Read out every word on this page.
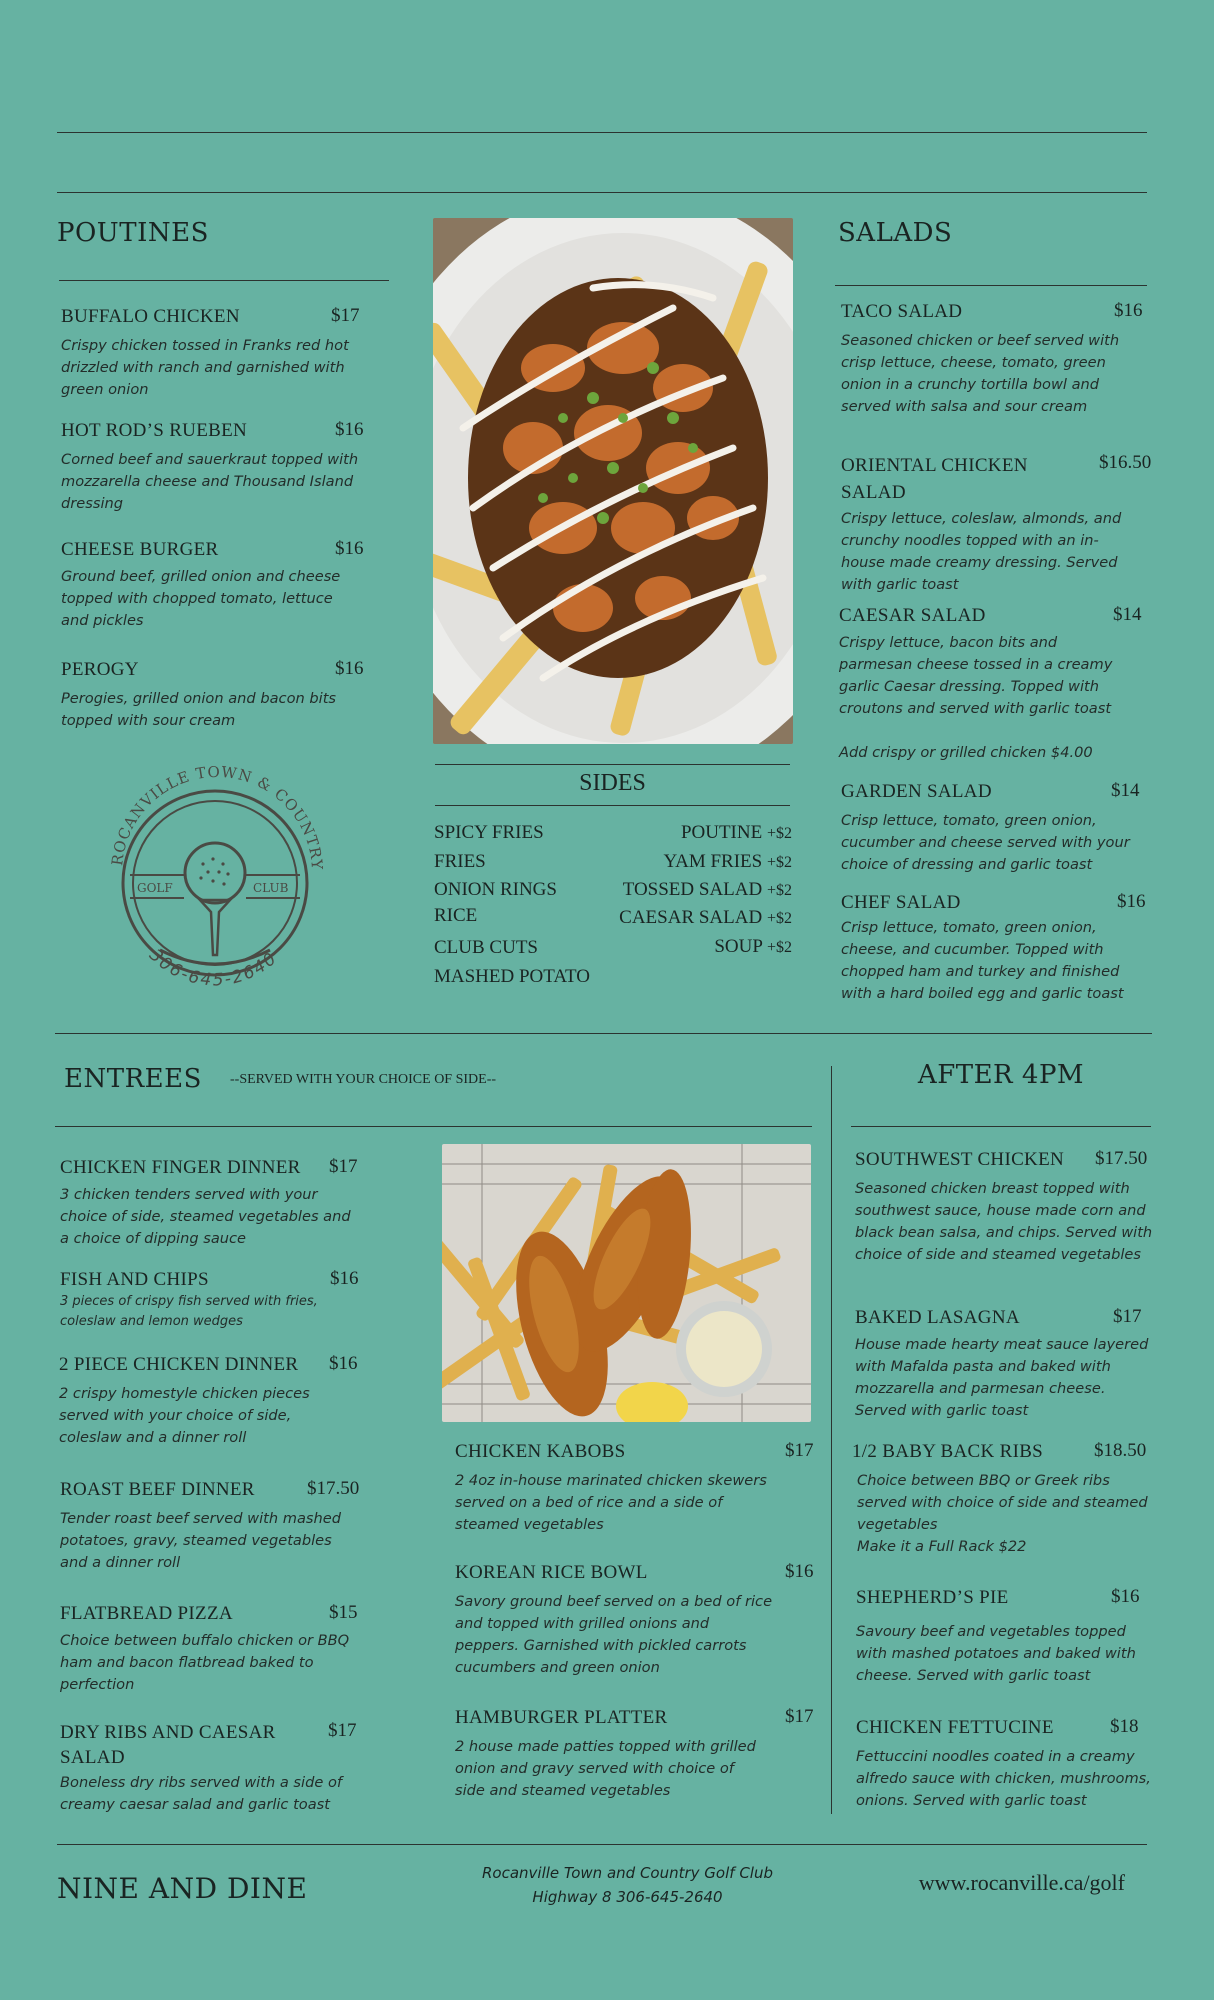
POUTINES
BUFFALO CHICKEN	$17
Crispy chicken tossed in Franks red hot drizzled with ranch and garnished with green onion
HOT ROD’S RUEBEN	$16
Corned beef and sauerkraut topped with mozzarella cheese and Thousand Island dressing
CHEESE BURGER	$16
Ground beef, grilled onion and cheese topped with chopped tomato, lettuce and pickles
PEROGY	$16
Perogies, grilled onion and bacon bits topped with sour cream
ROCANVILLE TOWN & COUNTRY
GOLF	CLUB
306-645-2640
SIDES
SPICY FRIES
FRIES
ONION RINGS
RICE
CLUB CUTS
MASHED POTATO
POUTINE +$2
YAM FRIES +$2
TOSSED SALAD +$2
CAESAR SALAD +$2
SOUP +$2
SALADS
TACO SALAD	$16
Seasoned chicken or beef served with crisp lettuce, cheese, tomato, green onion in a crunchy tortilla bowl and served with salsa and sour cream
ORIENTAL CHICKEN SALAD
$16.50
Crispy lettuce, coleslaw, almonds, and crunchy noodles topped with an in-house made creamy dressing. Served with garlic toast
CAESAR SALAD	$14
Crispy lettuce, bacon bits and parmesan cheese tossed in a creamy garlic Caesar dressing. Topped with croutons and served with garlic toast
Add crispy or grilled chicken $4.00
GARDEN SALAD	$14
Crisp lettuce, tomato, green onion, cucumber and cheese served with your choice of dressing and garlic toast
CHEF SALAD	$16
Crisp lettuce, tomato, green onion, cheese, and cucumber. Topped with chopped ham and turkey and finished with a hard boiled egg and garlic toast
ENTREES --SERVED WITH YOUR CHOICE OF SIDE--
CHICKEN FINGER DINNER $17
3 chicken tenders served with your choice of side, steamed vegetables and a choice of dipping sauce
FISH AND CHIPS	$16
3 pieces of crispy fish served with fries, coleslaw and lemon wedges
2 PIECE CHICKEN DINNER $16
2 crispy homestyle chicken pieces served with your choice of side, coleslaw and a dinner roll
ROAST BEEF DINNER	$17.50
Tender roast beef served with mashed potatoes, gravy, steamed vegetables and a dinner roll
FLATBREAD PIZZA	$15
Choice between buffalo chicken or BBQ ham and bacon flatbread baked to perfection
DRY RIBS AND CAESAR SALAD
$17
Boneless dry ribs served with a side of creamy caesar salad and garlic toast
CHICKEN KABOBS	$17
2 4oz in-house marinated chicken skewers served on a bed of rice and a side of steamed vegetables
KOREAN RICE BOWL	$16
Savory ground beef served on a bed of rice and topped with grilled onions and peppers. Garnished with pickled carrots cucumbers and green onion
HAMBURGER PLATTER	$17
2 house made patties topped with grilled onion and gravy served with choice of side and steamed vegetables
AFTER 4PM
SOUTHWEST CHICKEN $17.50
Seasoned chicken breast topped with southwest sauce, house made corn and black bean salsa, and chips. Served with choice of side and steamed vegetables
BAKED LASAGNA	$17
House made hearty meat sauce layered with Mafalda pasta and baked with mozzarella and parmesan cheese. Served with garlic toast
1/2 BABY BACK RIBS	$18.50
Choice between BBQ or Greek ribs served with choice of side and steamed vegetables
Make it a Full Rack $22
SHEPHERD’S PIE	$16
Savoury beef and vegetables topped with mashed potatoes and baked with cheese. Served with garlic toast
CHICKEN FETTUCINE	$18
Fettuccini noodles coated in a creamy alfredo sauce with chicken, mushrooms, onions. Served with garlic toast
NINE AND DINE	Rocanville Town and Country Golf Club
Highway 8 306-645-2640
www.rocanville.ca/golf
